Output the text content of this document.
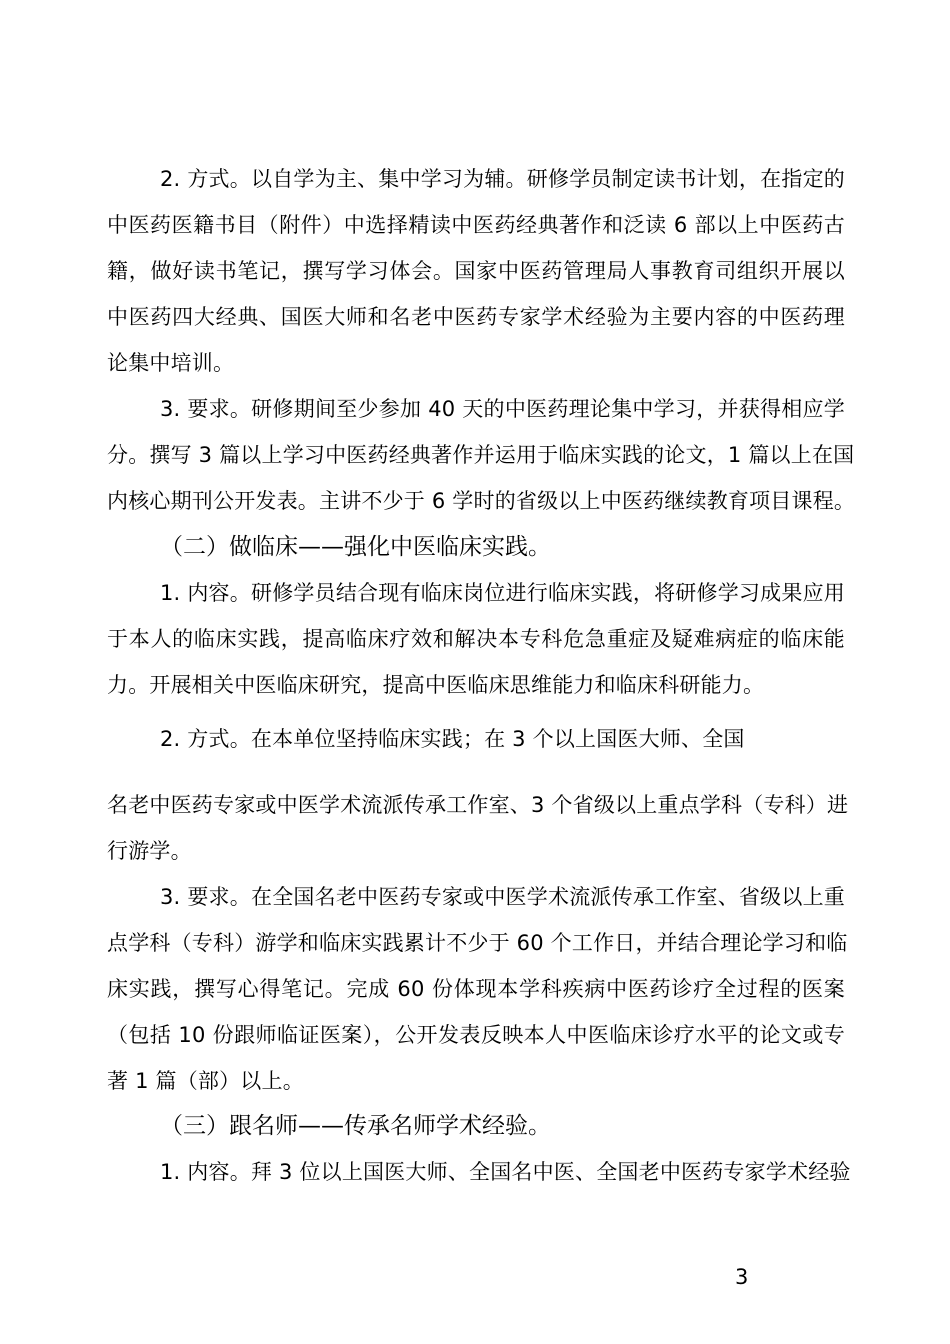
2. 方式。以自学为主、集中学习为辅。研修学员制定读书计划，在指定的

中医药医籍书目（附件）中选择精读中医药经典著作和泛读 6 部以上中医药古

籍，做好读书笔记，撰写学习体会。国家中医药管理局人事教育司组织开展以

中医药四大经典、国医大师和名老中医药专家学术经验为主要内容的中医药理

论集中培训。

3. 要求。研修期间至少参加 40 天的中医药理论集中学习，并获得相应学

分。撰写 3 篇以上学习中医药经典著作并运用于临床实践的论文，1 篇以上在国

内核心期刊公开发表。主讲不少于 6 学时的省级以上中医药继续教育项目课程。

（二）做临床——强化中医临床实践。

1. 内容。研修学员结合现有临床岗位进行临床实践，将研修学习成果应用

于本人的临床实践，提高临床疗效和解决本专科危急重症及疑难病症的临床能

力。开展相关中医临床研究，提高中医临床思维能力和临床科研能力。

2. 方式。在本单位坚持临床实践；在 3 个以上国医大师、全国

名老中医药专家或中医学术流派传承工作室、3 个省级以上重点学科（专科）进

行游学。

3. 要求。在全国名老中医药专家或中医学术流派传承工作室、省级以上重

点学科（专科）游学和临床实践累计不少于 60 个工作日，并结合理论学习和临

床实践，撰写心得笔记。完成 60 份体现本学科疾病中医药诊疗全过程的医案

（包括 10 份跟师临证医案），公开发表反映本人中医临床诊疗水平的论文或专

著 1 篇（部）以上。

（三）跟名师——传承名师学术经验。

1. 内容。拜 3 位以上国医大师、全国名中医、全国老中医药专家学术经验

3
